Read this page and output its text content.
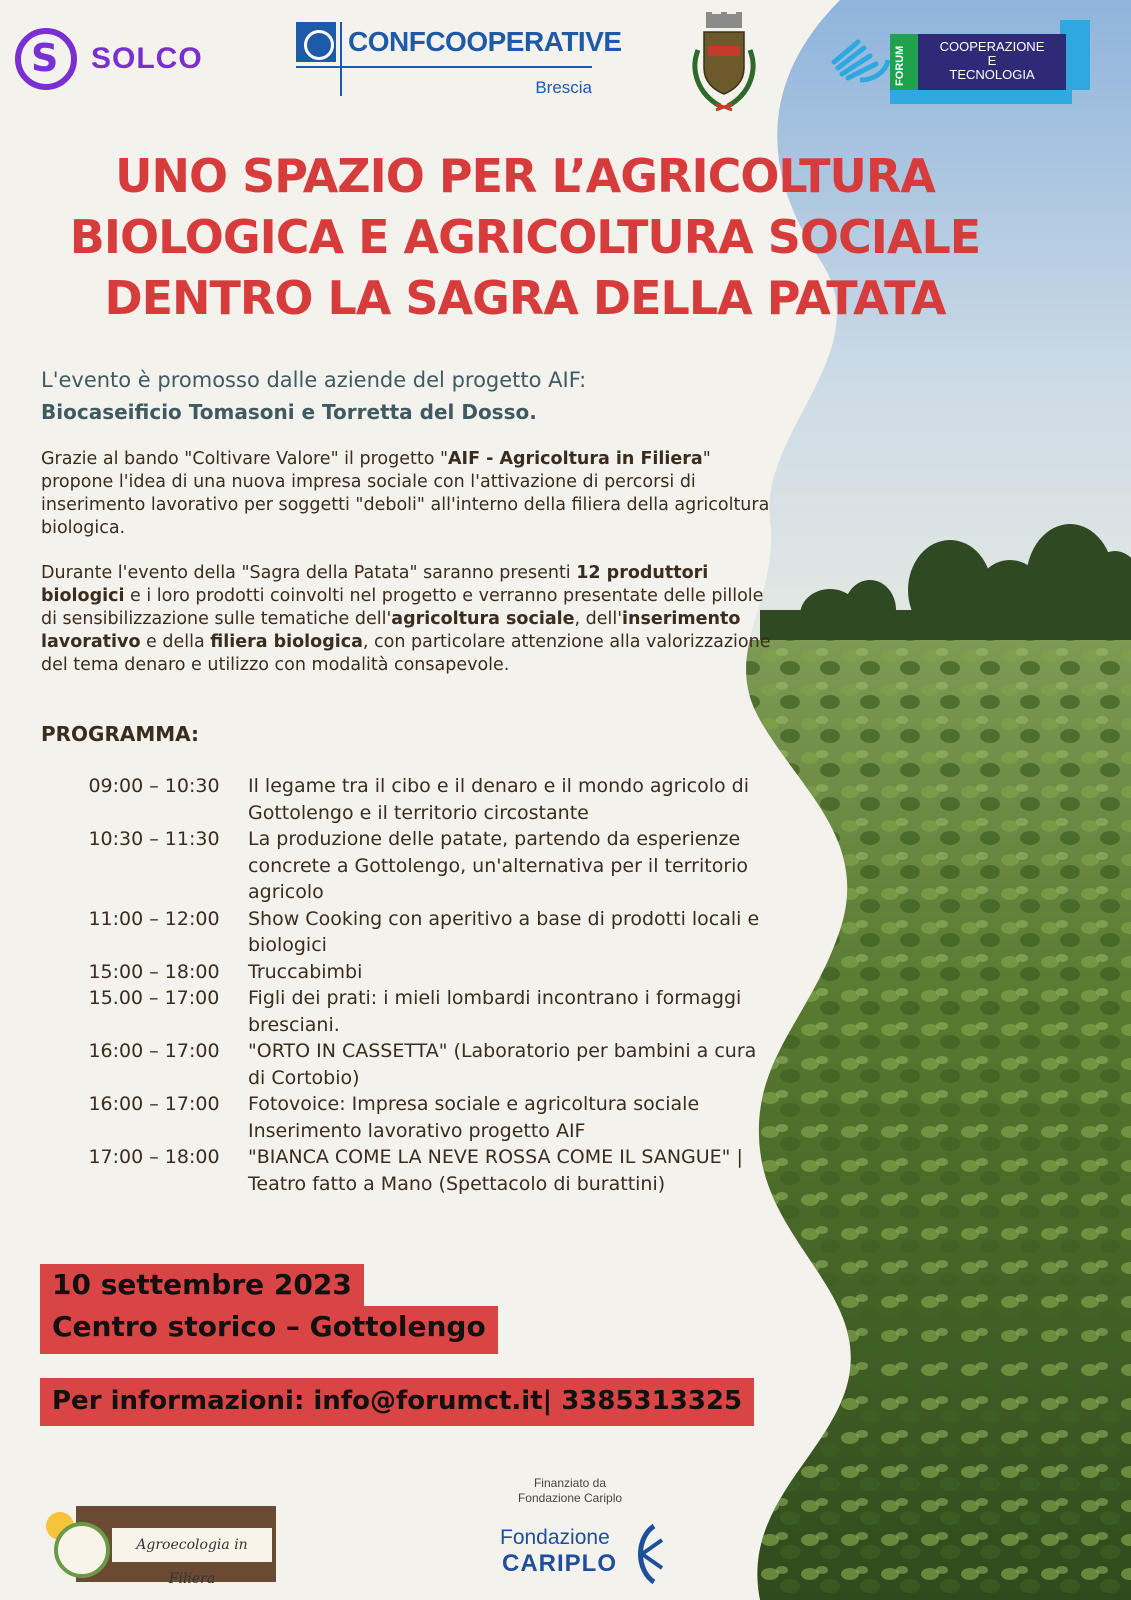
S SOLCO
CONFCOOPERATIVE
Brescia
FORUM	COOPERAZIONE
E
TECNOLOGIA
UNO SPAZIO PER L’AGRICOLTURA
BIOLOGICA E AGRICOLTURA SOCIALE
DENTRO LA SAGRA DELLA PATATA
L'evento è promosso dalle aziende del progetto AIF:
Biocaseificio Tomasoni e Torretta del Dosso.
Grazie al bando "Coltivare Valore" il progetto "AIF - Agricoltura in Filiera" propone l'idea di una nuova impresa sociale con l'attivazione di percorsi di inserimento lavorativo per soggetti "deboli" all'interno della filiera della agricoltura biologica.
Durante l'evento della "Sagra della Patata" saranno presenti 12 produttori biologici e i loro prodotti coinvolti nel progetto e verranno presentate delle pillole di sensibilizzazione sulle tematiche dell'agricoltura sociale, dell'inserimento lavorativo e della filiera biologica, con particolare attenzione alla valorizzazione del tema denaro e utilizzo con modalità consapevole.
PROGRAMMA:
09:00 – 10:30	Il legame tra il cibo e il denaro e il mondo agricolo di Gottolengo e il territorio circostante
10:30 – 11:30	La produzione delle patate, partendo da esperienze concrete a Gottolengo, un'alternativa per il territorio agricolo
11:00 – 12:00	Show Cooking con aperitivo a base di prodotti locali e biologici
15:00 – 18:00	Truccabimbi
15.00 – 17:00	Figli dei prati: i mieli lombardi incontrano i formaggi bresciani.
16:00 – 17:00	"ORTO IN CASSETTA" (Laboratorio per bambini a cura di Cortobio)
16:00 – 17:00	Fotovoice: Impresa sociale e agricoltura sociale Inserimento lavorativo progetto AIF
17:00 – 18:00	"BIANCA COME LA NEVE ROSSA COME IL SANGUE" | Teatro fatto a Mano (Spettacolo di burattini)
10 settembre 2023
Centro storico – Gottolengo
Per informazioni: info@forumct.it| 3385313325
Agroecologia in Filiera
Finanziato da
Fondazione Cariplo
Fondazione
CARIPLO
